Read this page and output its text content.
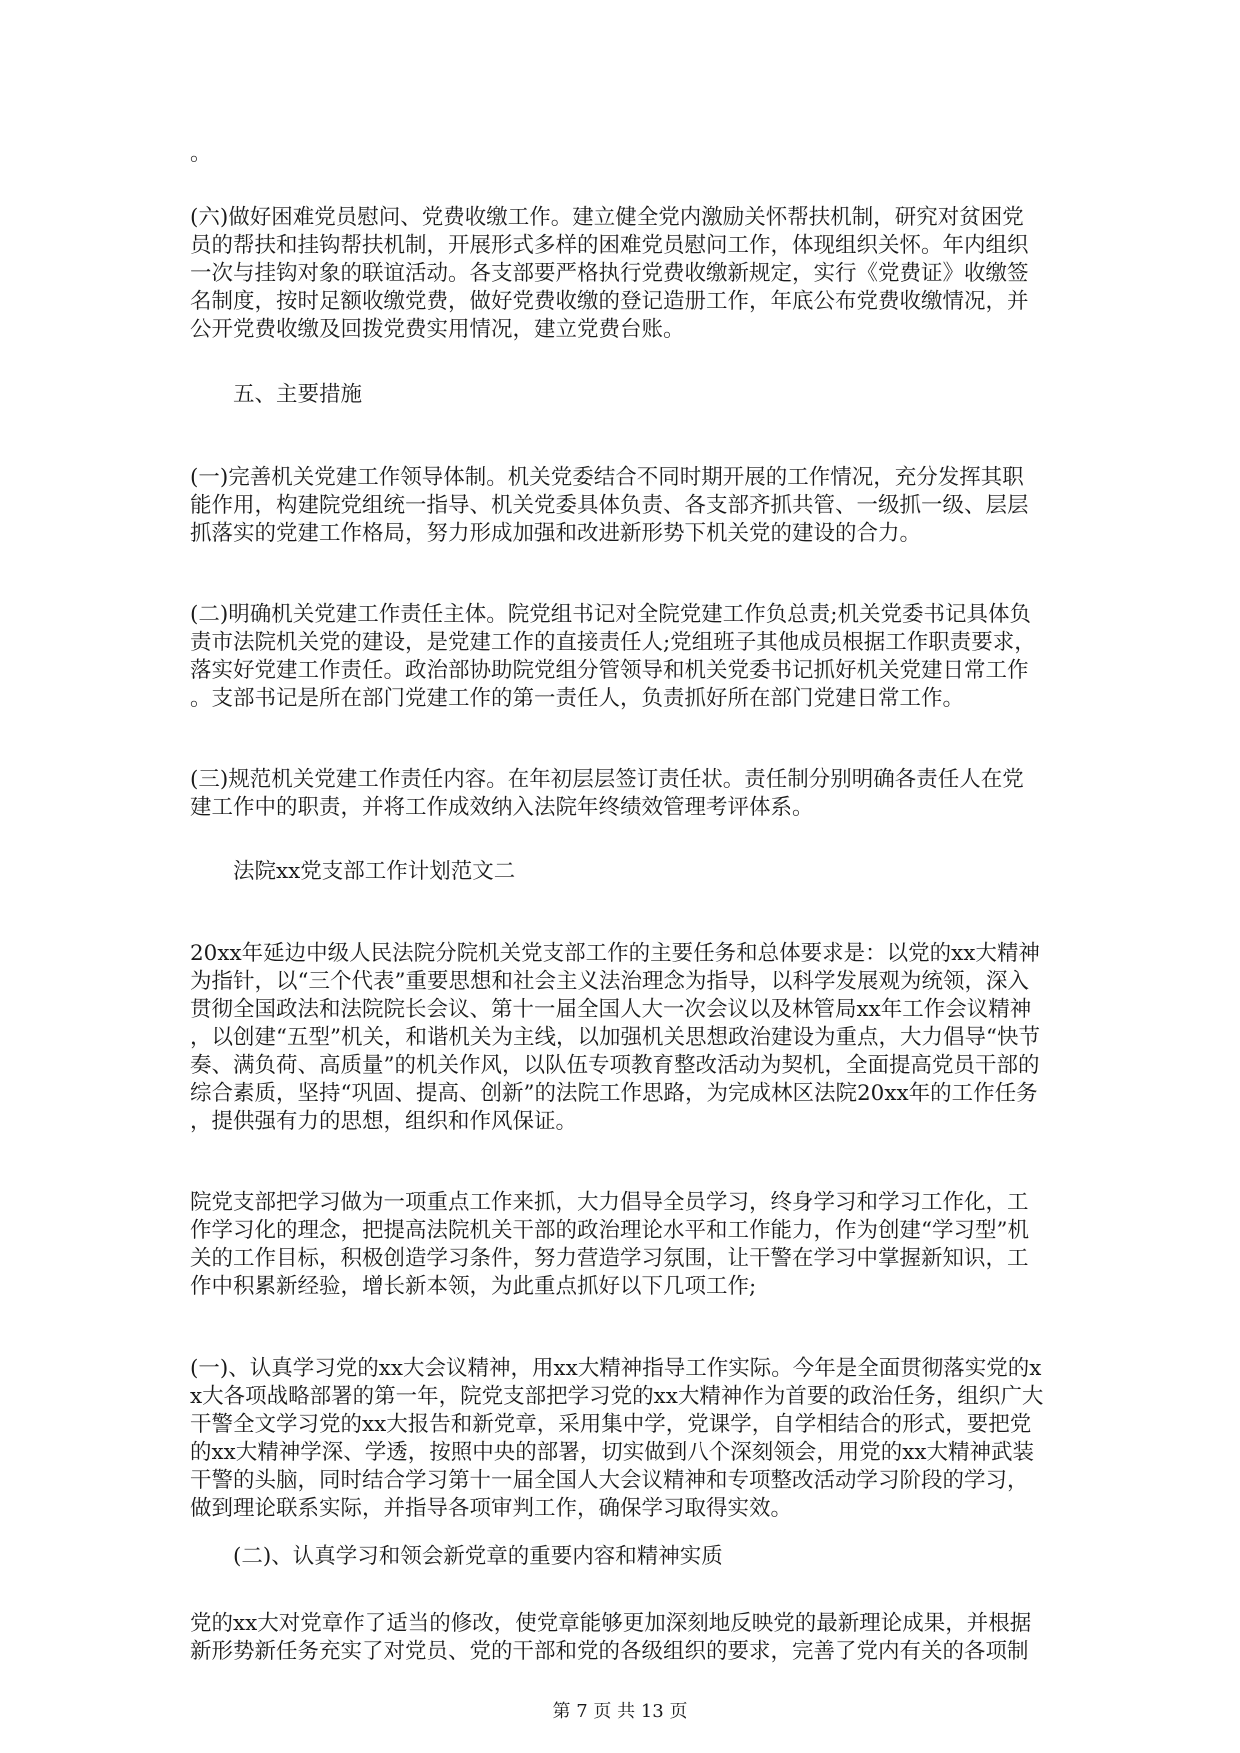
。
(六)做好困难党员慰问、党费收缴工作。建立健全党内激励关怀帮扶机制，研究对贫困党
员的帮扶和挂钩帮扶机制，开展形式多样的困难党员慰问工作，体现组织关怀。年内组织
一次与挂钩对象的联谊活动。各支部要严格执行党费收缴新规定，实行《党费证》收缴签
名制度，按时足额收缴党费，做好党费收缴的登记造册工作，年底公布党费收缴情况，并
公开党费收缴及回拨党费实用情况，建立党费台账。
五、主要措施
(一)完善机关党建工作领导体制。机关党委结合不同时期开展的工作情况，充分发挥其职
能作用，构建院党组统一指导、机关党委具体负责、各支部齐抓共管、一级抓一级、层层
抓落实的党建工作格局，努力形成加强和改进新形势下机关党的建设的合力。
(二)明确机关党建工作责任主体。院党组书记对全院党建工作负总责;机关党委书记具体负
责市法院机关党的建设，是党建工作的直接责任人;党组班子其他成员根据工作职责要求，
落实好党建工作责任。政治部协助院党组分管领导和机关党委书记抓好机关党建日常工作
。支部书记是所在部门党建工作的第一责任人，负责抓好所在部门党建日常工作。
(三)规范机关党建工作责任内容。在年初层层签订责任状。责任制分别明确各责任人在党
建工作中的职责，并将工作成效纳入法院年终绩效管理考评体系。
法院xx党支部工作计划范文二
20xx年延边中级人民法院分院机关党支部工作的主要任务和总体要求是：以党的xx大精神
为指针，以“三个代表”重要思想和社会主义法治理念为指导，以科学发展观为统领，深入
贯彻全国政法和法院院长会议、第十一届全国人大一次会议以及林管局xx年工作会议精神
，以创建“五型”机关，和谐机关为主线，以加强机关思想政治建设为重点，大力倡导“快节
奏、满负荷、高质量”的机关作风，以队伍专项教育整改活动为契机，全面提高党员干部的
综合素质，坚持“巩固、提高、创新”的法院工作思路，为完成林区法院20xx年的工作任务
，提供强有力的思想，组织和作风保证。
院党支部把学习做为一项重点工作来抓，大力倡导全员学习，终身学习和学习工作化，工
作学习化的理念，把提高法院机关干部的政治理论水平和工作能力，作为创建“学习型”机
关的工作目标，积极创造学习条件，努力营造学习氛围，让干警在学习中掌握新知识，工
作中积累新经验，增长新本领，为此重点抓好以下几项工作;
(一)、认真学习党的xx大会议精神，用xx大精神指导工作实际。今年是全面贯彻落实党的x
x大各项战略部署的第一年，院党支部把学习党的xx大精神作为首要的政治任务，组织广大
干警全文学习党的xx大报告和新党章，采用集中学，党课学，自学相结合的形式，要把党
的xx大精神学深、学透，按照中央的部署，切实做到八个深刻领会，用党的xx大精神武装
干警的头脑，同时结合学习第十一届全国人大会议精神和专项整改活动学习阶段的学习，
做到理论联系实际，并指导各项审判工作，确保学习取得实效。
(二)、认真学习和领会新党章的重要内容和精神实质
党的xx大对党章作了适当的修改，使党章能够更加深刻地反映党的最新理论成果，并根据
新形势新任务充实了对党员、党的干部和党的各级组织的要求，完善了党内有关的各项制
第 7 页 共 13 页
